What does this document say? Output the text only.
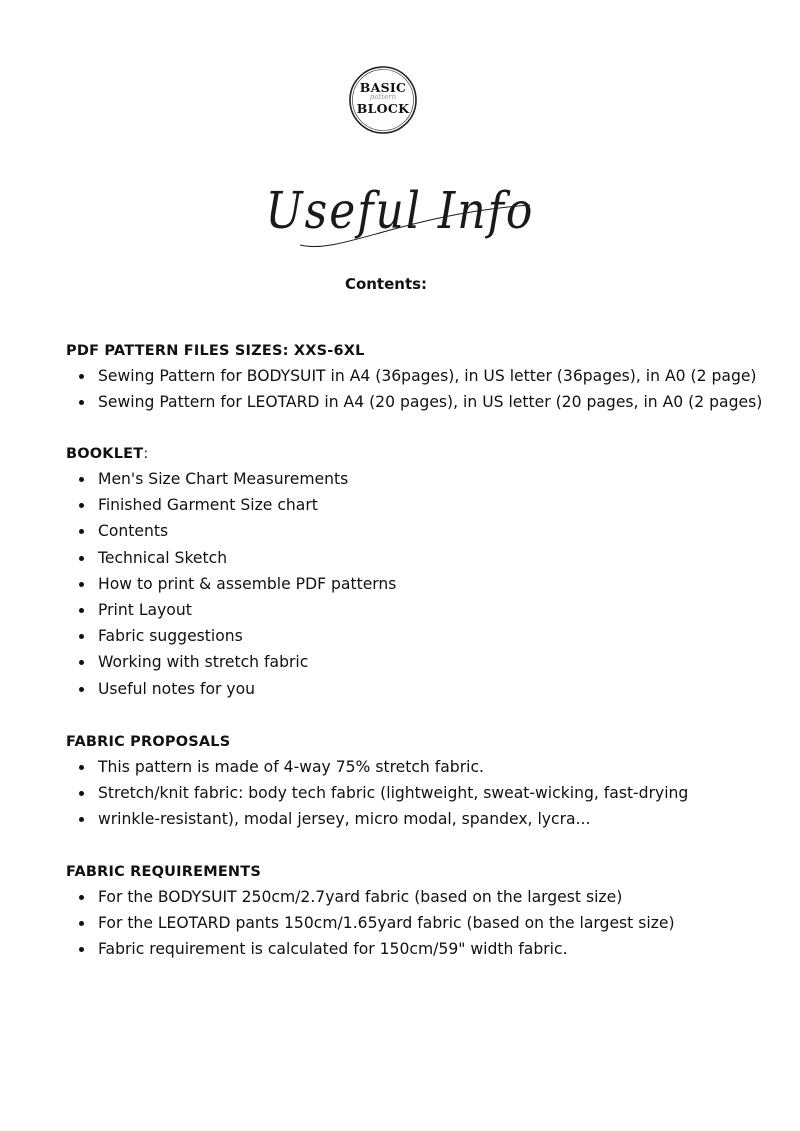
BASIC
pattern
BLOCK
Useful Info
Contents:
PDF PATTERN FILES SIZES: XXS-6XL
Sewing Pattern for BODYSUIT in A4 (36pages), in US letter (36pages), in A0 (2 page)
Sewing Pattern for LEOTARD in A4 (20 pages), in US letter (20 pages, in A0 (2 pages)
BOOKLET:
Men's Size Chart Measurements
Finished Garment Size chart
Contents
Technical Sketch
How to print & assemble PDF patterns
Print Layout
Fabric suggestions
Working with stretch fabric
Useful notes for you
FABRIC PROPOSALS
This pattern is made of 4-way 75% stretch fabric.
Stretch/knit fabric: body tech fabric (lightweight, sweat-wicking, fast-drying
wrinkle-resistant), modal jersey, micro modal, spandex, lycra...
FABRIC REQUIREMENTS
For the BODYSUIT 250cm/2.7yard fabric (based on the largest size)
For the LEOTARD pants 150cm/1.65yard fabric (based on the largest size)
Fabric requirement is calculated for 150cm/59" width fabric.
